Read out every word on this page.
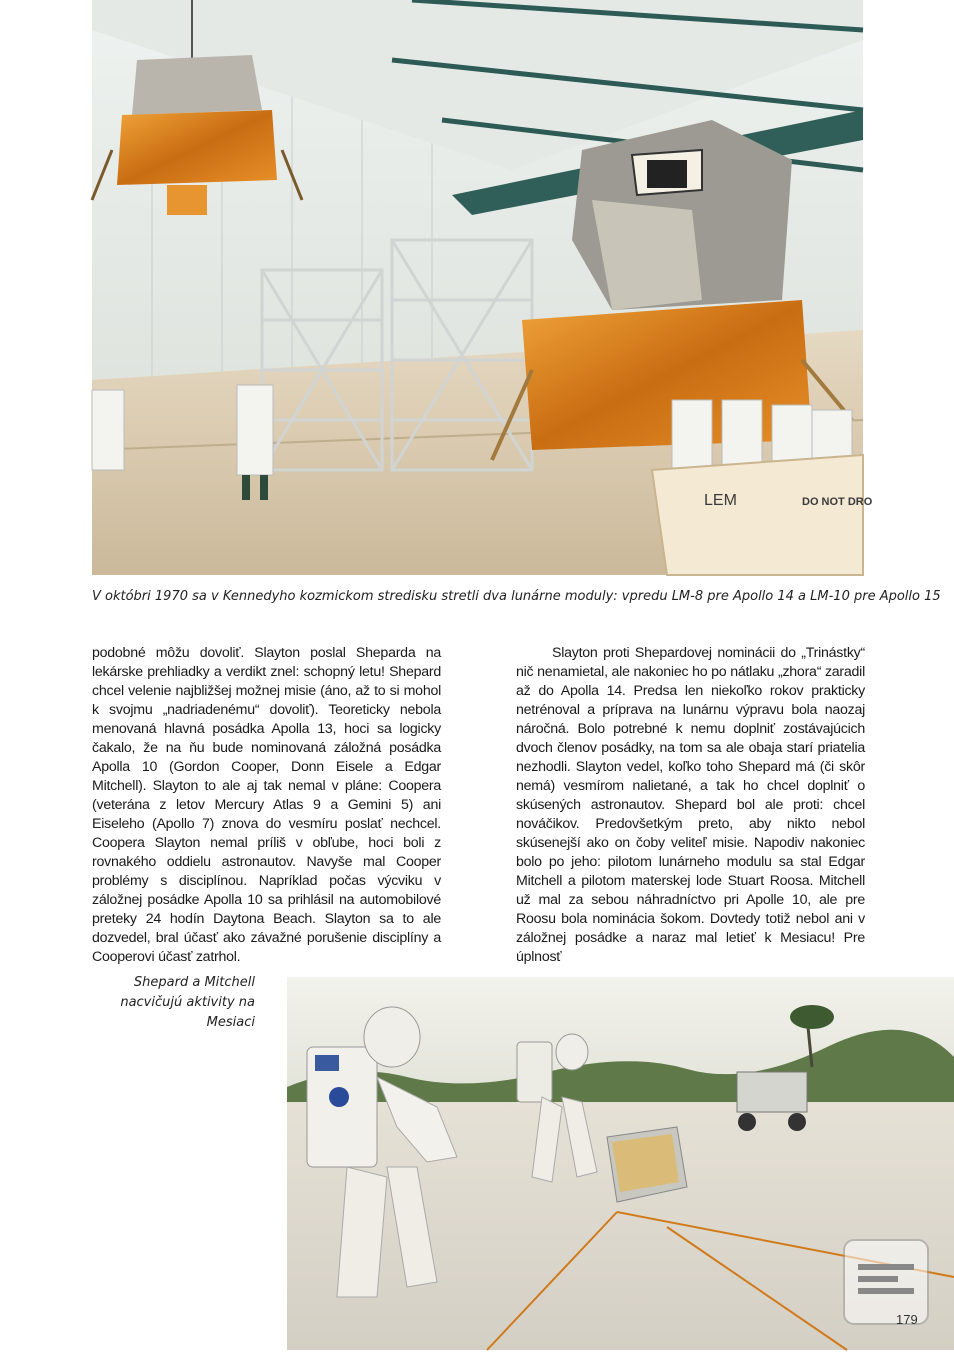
LEM	DO NOT DRO
V októbri 1970 sa v Kennedyho kozmickom stredisku stretli dva lunárne moduly: vpredu LM-8 pre Apollo 14 a LM-10 pre Apollo 15

podobné môžu dovoliť. Slayton poslal Sheparda na lekárske prehliadky a verdikt znel: schopný letu! Shepard chcel velenie najbližšej možnej misie (áno, až to si mohol k svojmu „nadriadenému“ dovoliť). Teoreticky nebola menovaná hlavná posádka Apolla 13, hoci sa logicky čakalo, že na ňu bude nominovaná záložná posádka Apolla 10 (Gordon Cooper, Donn Eisele a Edgar Mitchell). Slayton to ale aj tak nemal v pláne: Coopera (veterána z letov Mercury Atlas 9 a Gemini 5) ani Eiseleho (Apollo 7) znova do vesmíru poslať nechcel. Coopera Slayton nemal príliš v obľube, hoci boli z rovnakého oddielu astronautov. Navyše mal Cooper problémy s disciplínou. Napríklad počas výcviku v záložnej posádke Apolla 10 sa prihlásil na automobilové preteky 24 hodín Daytona Beach. Slayton sa to ale dozvedel, bral účasť ako závažné porušenie disciplíny a Cooperovi účasť zatrhol.

Slayton proti Shepardovej nominácii do „Trinástky“ nič nenamietal, ale nakoniec ho po nátlaku „zhora“ zaradil až do Apolla 14. Predsa len niekoľko rokov prakticky netrénoval a príprava na lunárnu výpravu bola naozaj náročná. Bolo potrebné k nemu doplniť zostávajúcich dvoch členov posádky, na tom sa ale obaja starí priatelia nezhodli. Slayton vedel, koľko toho Shepard má (či skôr nemá) vesmírom nalietané, a tak ho chcel doplniť o skúsených astronautov. Shepard bol ale proti: chcel nováčikov. Predovšetkým preto, aby nikto nebol skúsenejší ako on čoby veliteľ misie. Napodiv nakoniec bolo po jeho: pilotom lunárneho modulu sa stal Edgar Mitchell a pilotom materskej lode Stuart Roosa. Mitchell už mal za sebou náhradníctvo pri Apolle 10, ale pre Roosu bola nominácia šokom. Dovtedy totiž nebol ani v záložnej posádke a naraz mal letieť k Mesiacu! Pre úplnosť

Shepard a Mitchell
nacvičujú aktivity na
Mesiaci
179
